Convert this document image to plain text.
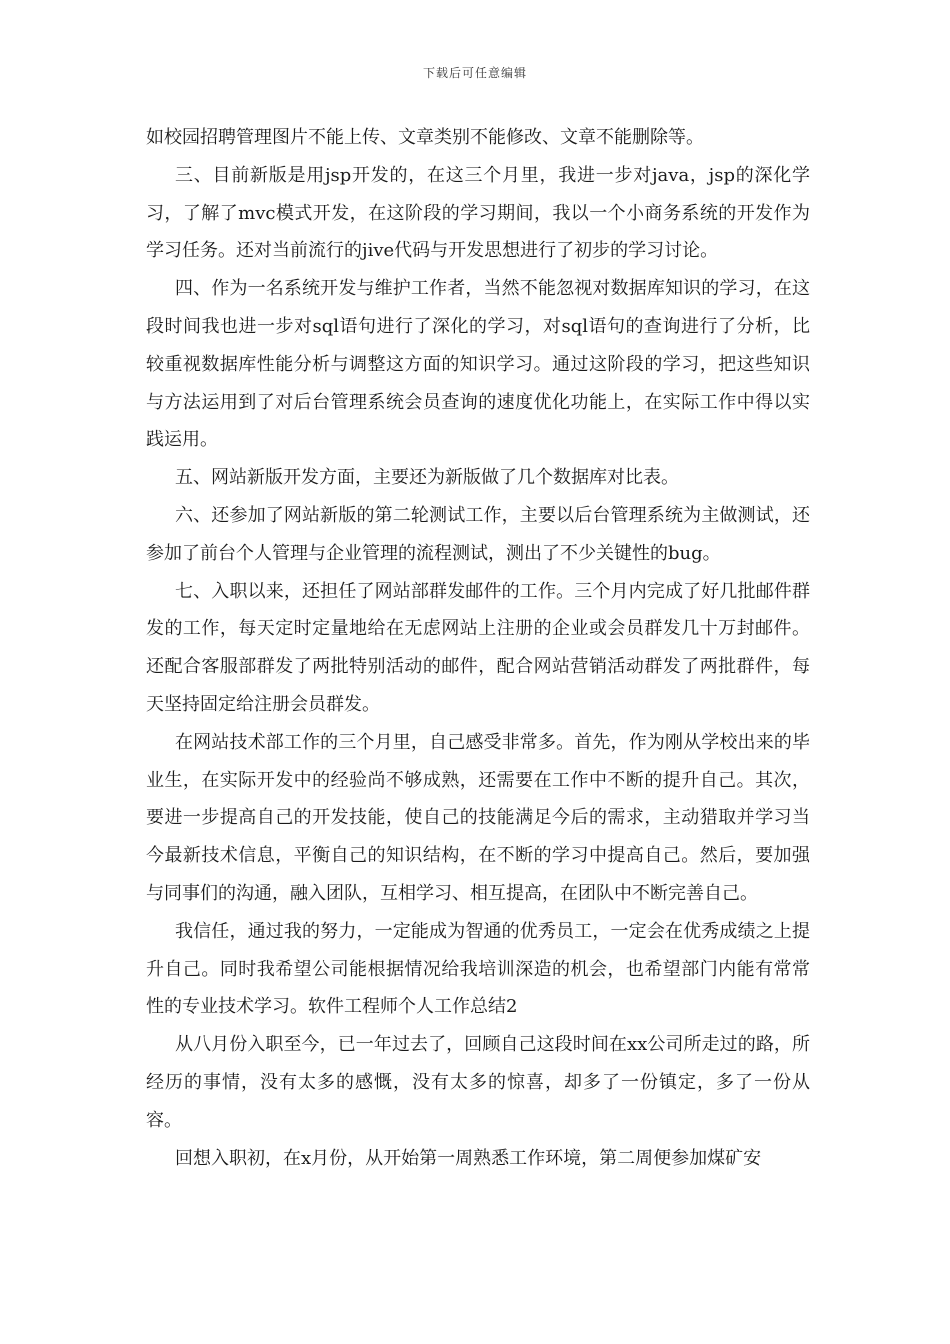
下载后可任意编辑

如校园招聘管理图片不能上传、文章类别不能修改、文章不能删除等。

三、目前新版是用jsp开发的，在这三个月里，我进一步对java，jsp的深化学习，了解了mvc模式开发，在这阶段的学习期间，我以一个小商务系统的开发作为学习任务。还对当前流行的jive代码与开发思想进行了初步的学习讨论。

四、作为一名系统开发与维护工作者，当然不能忽视对数据库知识的学习，在这段时间我也进一步对sql语句进行了深化的学习，对sql语句的查询进行了分析，比较重视数据库性能分析与调整这方面的知识学习。通过这阶段的学习，把这些知识与方法运用到了对后台管理系统会员查询的速度优化功能上，在实际工作中得以实践运用。

五、网站新版开发方面，主要还为新版做了几个数据库对比表。

六、还参加了网站新版的第二轮测试工作，主要以后台管理系统为主做测试，还参加了前台个人管理与企业管理的流程测试，测出了不少关键性的bug。

七、入职以来，还担任了网站部群发邮件的工作。三个月内完成了好几批邮件群发的工作，每天定时定量地给在无虑网站上注册的企业或会员群发几十万封邮件。还配合客服部群发了两批特别活动的邮件，配合网站营销活动群发了两批群件，每天坚持固定给注册会员群发。

在网站技术部工作的三个月里，自己感受非常多。首先，作为刚从学校出来的毕业生，在实际开发中的经验尚不够成熟，还需要在工作中不断的提升自己。其次，要进一步提高自己的开发技能，使自己的技能满足今后的需求，主动猎取并学习当今最新技术信息，平衡自己的知识结构，在不断的学习中提高自己。然后，要加强与同事们的沟通，融入团队，互相学习、相互提高，在团队中不断完善自己。

我信任，通过我的努力，一定能成为智通的优秀员工，一定会在优秀成绩之上提升自己。同时我希望公司能根据情况给我培训深造的机会，也希望部门内能有常常性的专业技术学习。软件工程师个人工作总结2

从八月份入职至今，已一年过去了，回顾自己这段时间在xx公司所走过的路，所经历的事情，没有太多的感慨，没有太多的惊喜，却多了一份镇定，多了一份从容。

回想入职初，在x月份，从开始第一周熟悉工作环境，第二周便参加煤矿安
